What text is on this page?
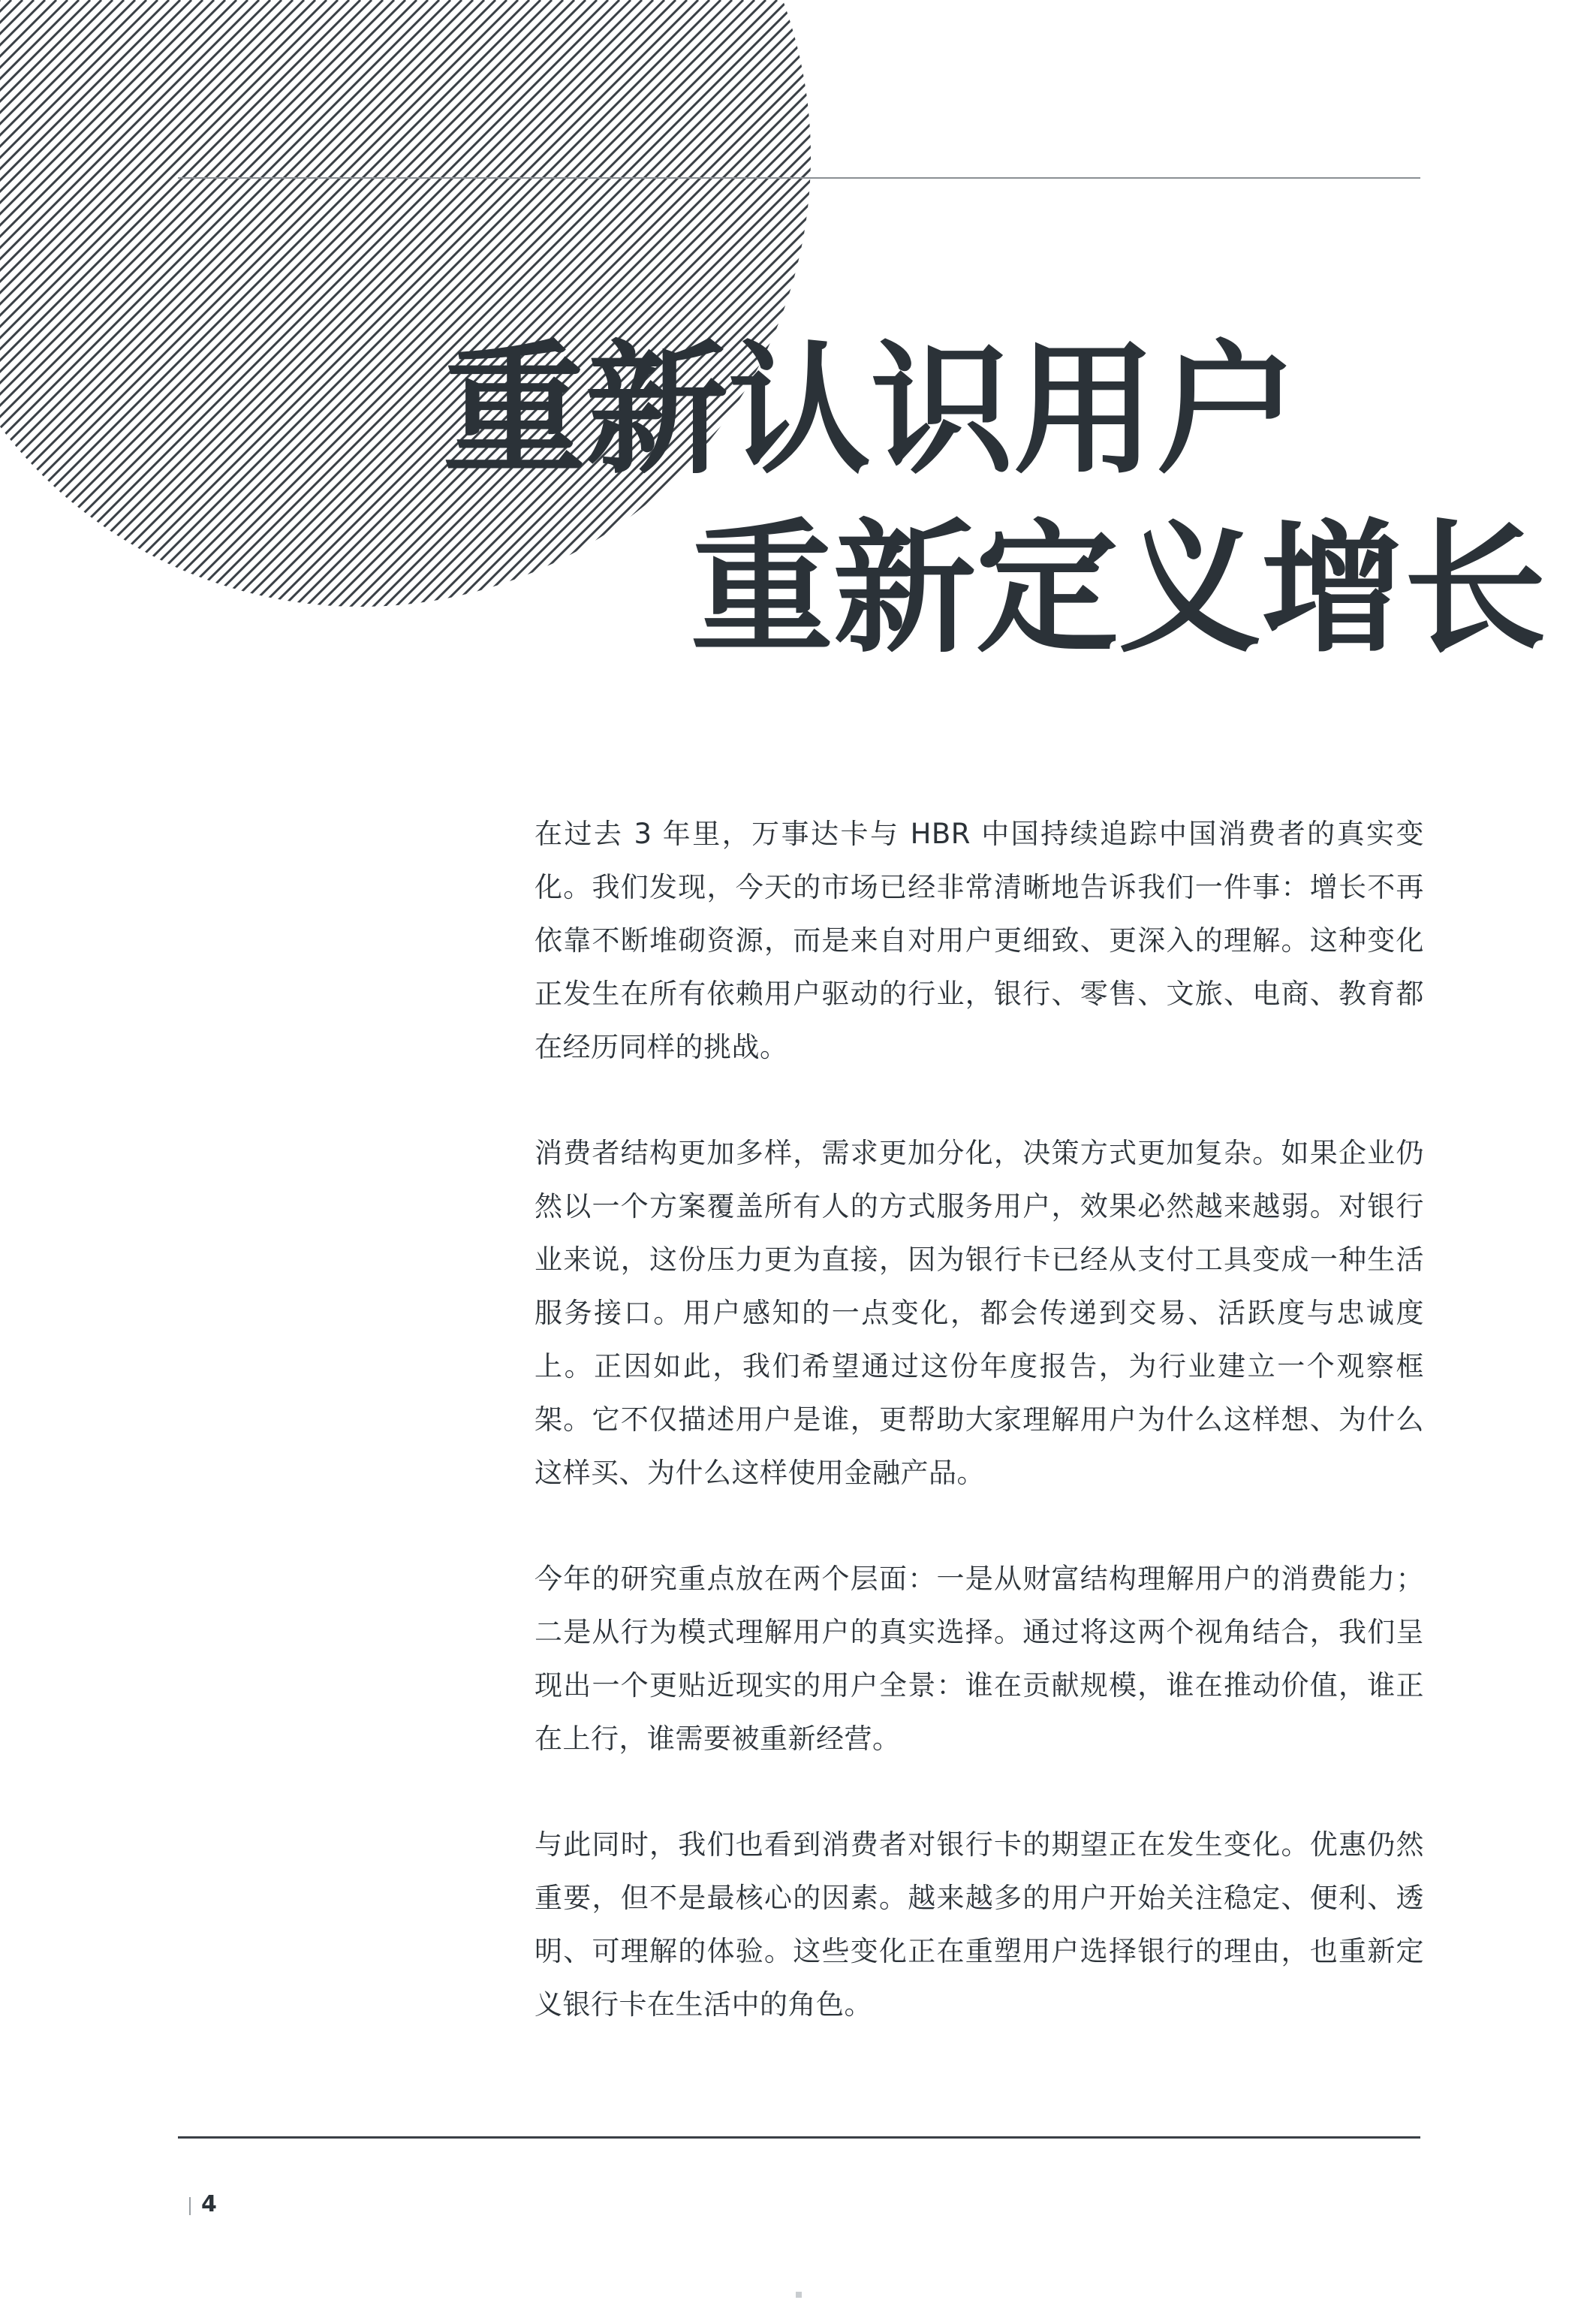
重新认识用户
重新定义增长

在过去 3 年里，万事达卡与 HBR 中国持续追踪中国消费者的真实变化。我们发现，今天的市场已经非常清晰地告诉我们一件事：增长不再依靠不断堆砌资源，而是来自对用户更细致、更深入的理解。这种变化正发生在所有依赖用户驱动的行业，银行、零售、文旅、电商、教育都在经历同样的挑战。

消费者结构更加多样，需求更加分化，决策方式更加复杂。如果企业仍然以一个方案覆盖所有人的方式服务用户，效果必然越来越弱。对银行业来说，这份压力更为直接，因为银行卡已经从支付工具变成一种生活服务接口。用户感知的一点变化，都会传递到交易、活跃度与忠诚度上。正因如此，我们希望通过这份年度报告，为行业建立一个观察框架。它不仅描述用户是谁，更帮助大家理解用户为什么这样想、为什么这样买、为什么这样使用金融产品。

今年的研究重点放在两个层面：一是从财富结构理解用户的消费能力；二是从行为模式理解用户的真实选择。通过将这两个视角结合，我们呈现出一个更贴近现实的用户全景：谁在贡献规模，谁在推动价值，谁正在上行，谁需要被重新经营。

与此同时，我们也看到消费者对银行卡的期望正在发生变化。优惠仍然重要，但不是最核心的因素。越来越多的用户开始关注稳定、便利、透明、可理解的体验。这些变化正在重塑用户选择银行的理由，也重新定义银行卡在生活中的角色。

4
